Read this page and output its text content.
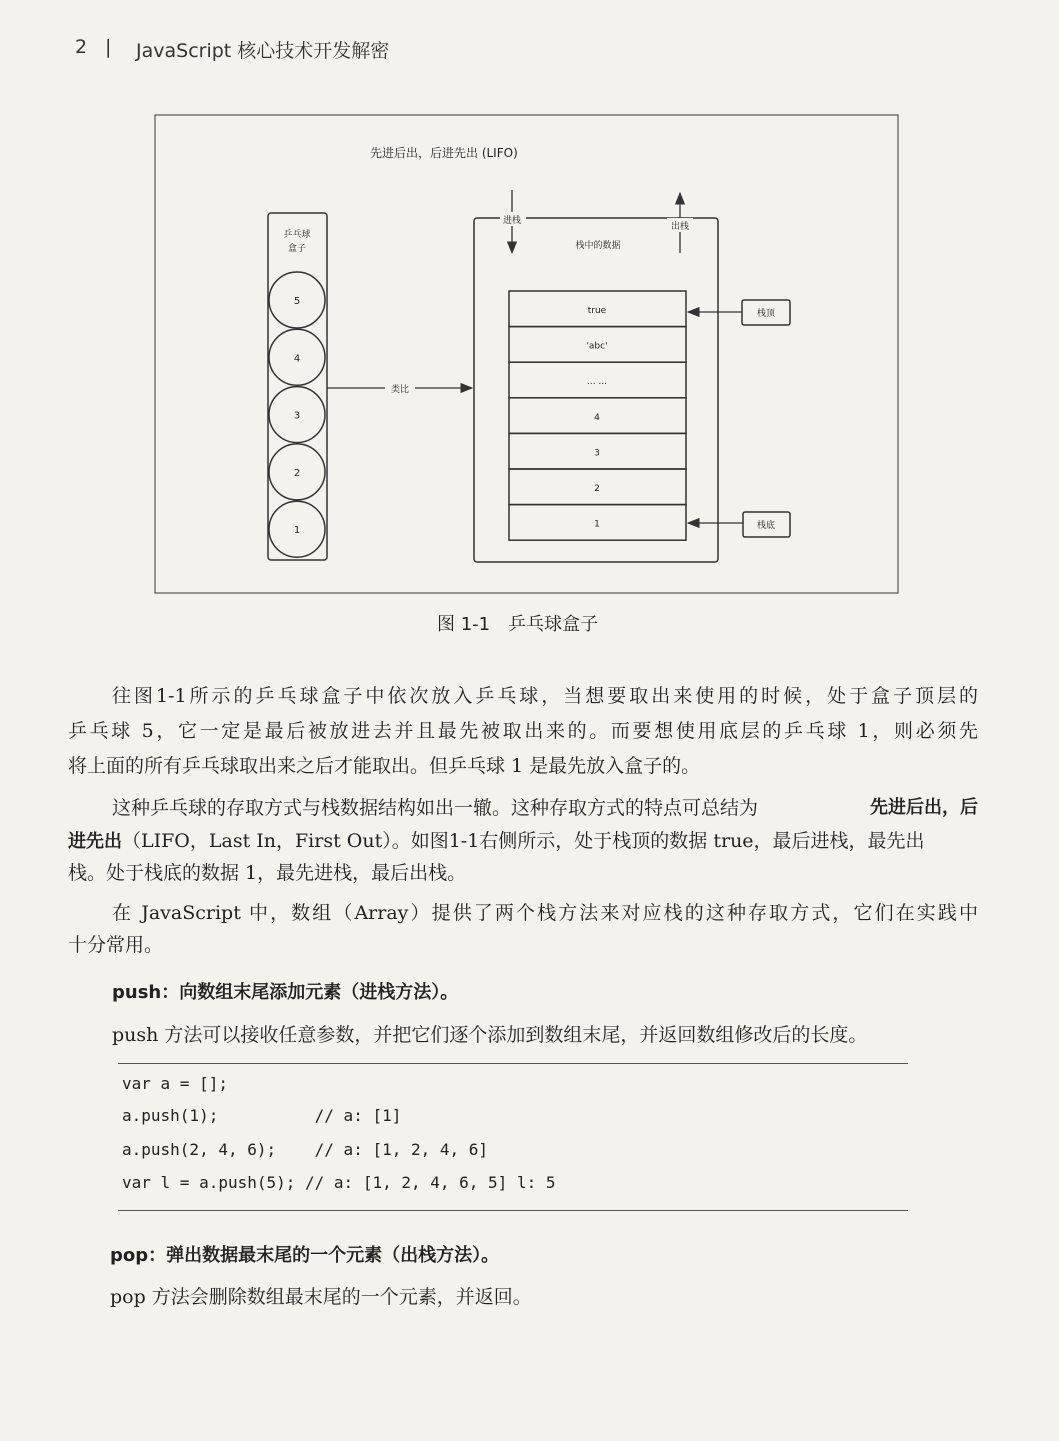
2 | JavaScript 核心技术开发解密
先进后出，后进先出 (LIFO)
乒乓球
盒子
5
4
3
2
1
类比
进栈
出栈
栈中的数据
true
'abc'
... ...
4
3
2
1
栈顶
栈底
图 1-1　乒乓球盒子
往图1-1所示的乒乓球盒子中依次放入乒乓球，当想要取出来使用的时候，处于盒子顶层的
乒乓球 5，它一定是最后被放进去并且最先被取出来的。而要想使用底层的乒乓球 1，则必须先
将上面的所有乒乓球取出来之后才能取出。但乒乓球 1 是最先放入盒子的。
这种乒乓球的存取方式与栈数据结构如出一辙。这种存取方式的特点可总结为	先进后出，后
进先出（LIFO，Last In，First Out）。如图1-1右侧所示，处于栈顶的数据 true，最后进栈，最先出
栈。处于栈底的数据 1，最先进栈，最后出栈。
在 JavaScript 中，数组（Array）提供了两个栈方法来对应栈的这种存取方式，它们在实践中
十分常用。
push：向数组末尾添加元素（进栈方法）。
push 方法可以接收任意参数，并把它们逐个添加到数组末尾，并返回数组修改后的长度。
var a = [];
a.push(1);          // a: [1]
a.push(2, 4, 6);    // a: [1, 2, 4, 6]
var l = a.push(5); // a: [1, 2, 4, 6, 5] l: 5
pop：弹出数据最末尾的一个元素（出栈方法）。
pop 方法会删除数组最末尾的一个元素，并返回。
